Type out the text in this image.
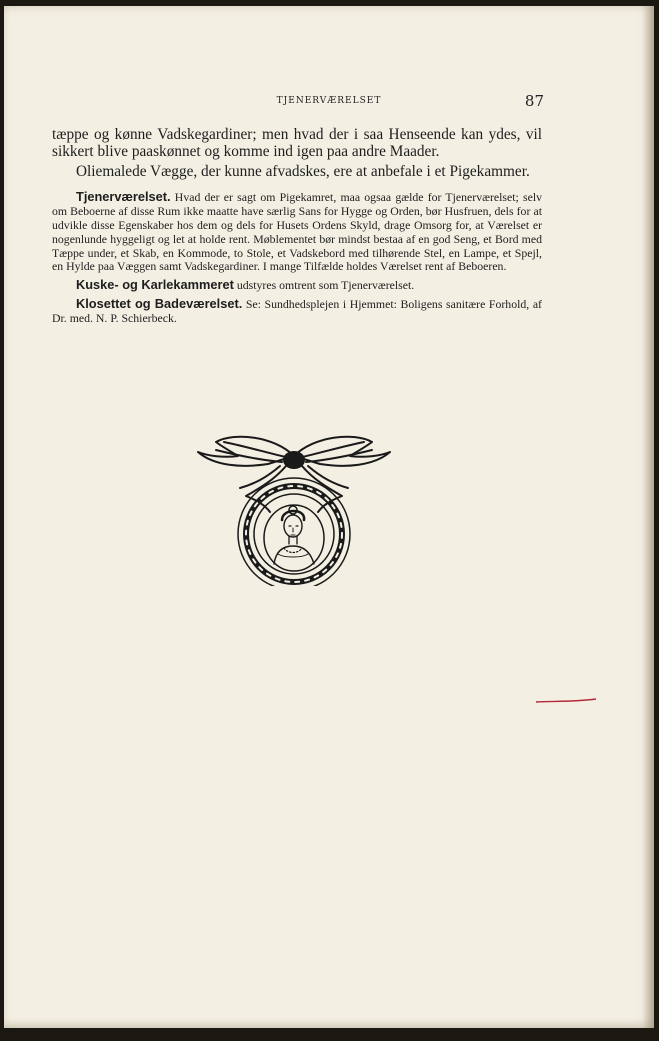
TJENERVÆRELSET	87

tæppe og kønne Vadskegardiner; men hvad der i saa Henseende kan ydes, vil sikkert blive paaskønnet og komme ind igen paa andre Maader.

Oliemalede Vægge, der kunne afvadskes, ere at anbefale i et Pigekammer.

Tjenerværelset. Hvad der er sagt om Pigekamret, maa ogsaa gælde for Tjenerværelset; selv om Beboerne af disse Rum ikke maatte have særlig Sans for Hygge og Orden, bør Husfruen, dels for at udvikle disse Egenskaber hos dem og dels for Husets Ordens Skyld, drage Omsorg for, at Værelset er nogenlunde hyggeligt og let at holde rent. Møblementet bør mindst bestaa af en god Seng, et Bord med Tæppe under, et Skab, en Kommode, to Stole, et Vadskebord med tilhørende Stel, en Lampe, et Spejl, en Hylde paa Væggen samt Vadskegardiner. I mange Tilfælde holdes Værelset rent af Beboeren.

Kuske- og Karlekammeret udstyres omtrent som Tjenerværelset.

Klosettet og Badeværelset. Se: Sundhedsplejen i Hjemmet: Boligens sanitære Forhold, af Dr. med. N. P. Schierbeck.
